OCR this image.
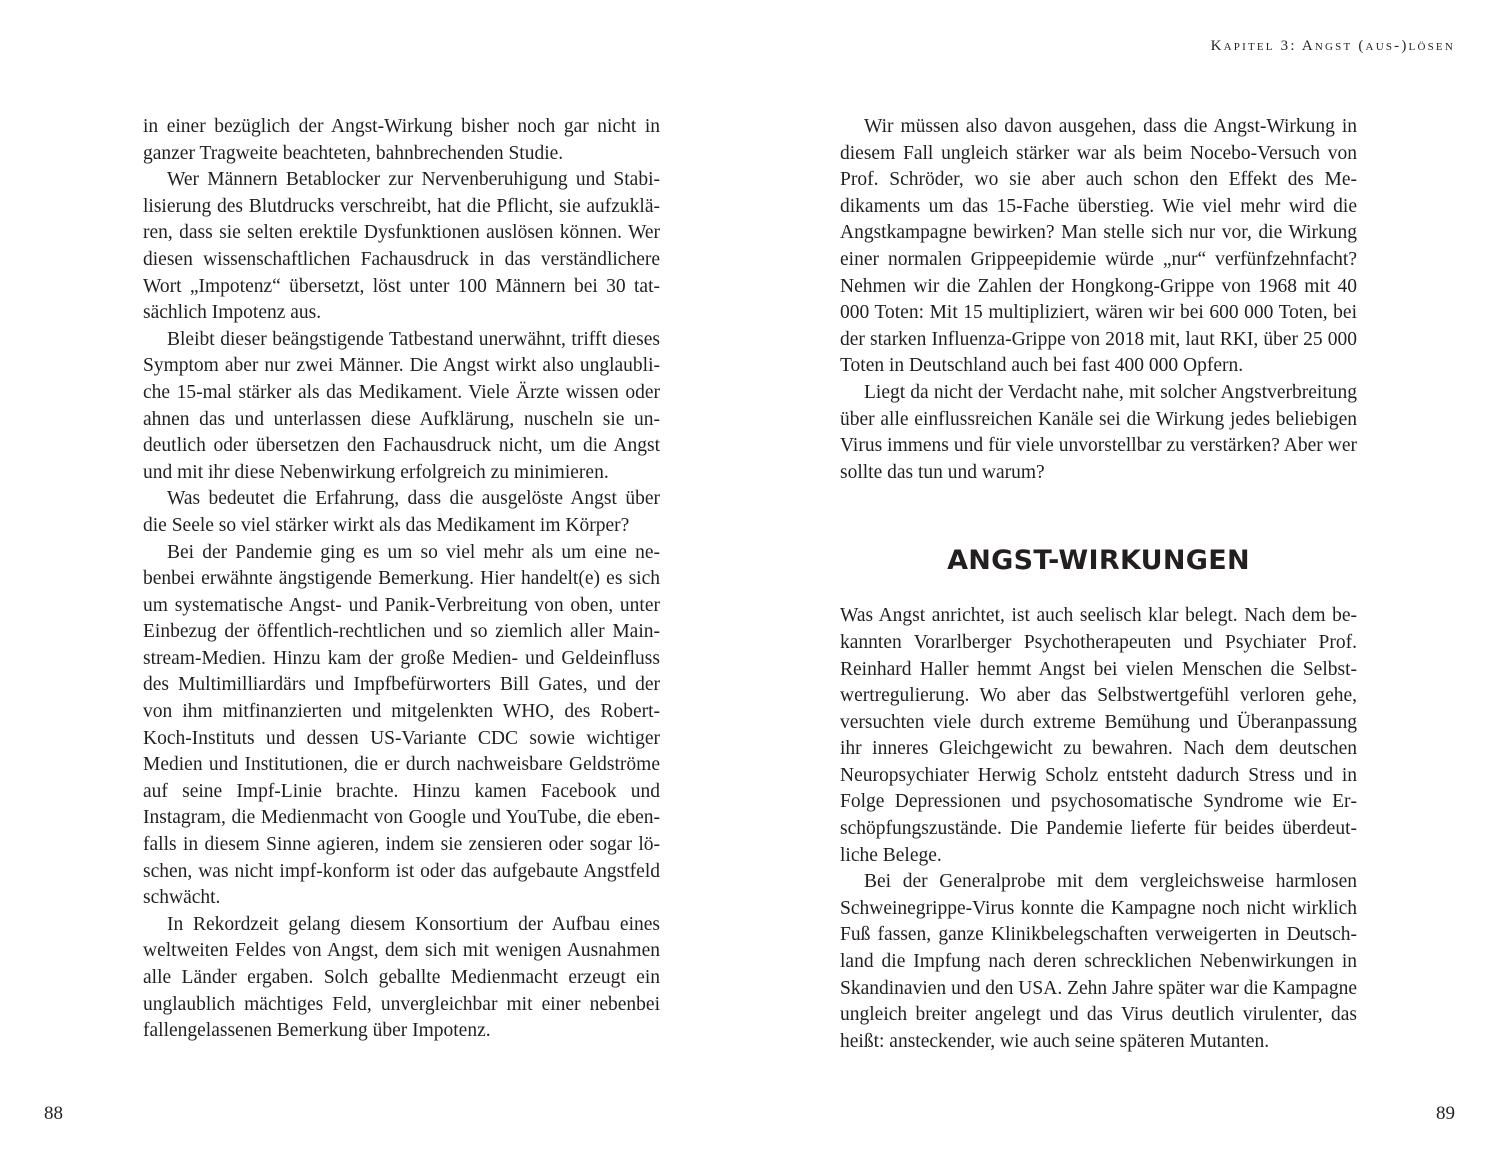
Kapitel 3: Angst (aus-)lösen

in einer bezüglich der Angst-Wirkung bisher noch gar nicht in ganzer Tragweite beachteten, bahnbrechenden Studie.

Wer Männern Betablocker zur Nervenberuhigung und Stabilisierung des Blutdrucks verschreibt, hat die Pflicht, sie aufzuklären, dass sie selten erektile Dysfunktionen auslösen können. Wer diesen wissenschaftlichen Fachausdruck in das verständlichere Wort „Impotenz“ übersetzt, löst unter 100 Männern bei 30 tatsächlich Impotenz aus.

Bleibt dieser beängstigende Tatbestand unerwähnt, trifft dieses Symptom aber nur zwei Männer. Die Angst wirkt also unglaubliche 15-mal stärker als das Medikament. Viele Ärzte wissen oder ahnen das und unterlassen diese Aufklärung, nuscheln sie undeutlich oder übersetzen den Fachausdruck nicht, um die Angst und mit ihr diese Nebenwirkung erfolgreich zu minimieren.

Was bedeutet die Erfahrung, dass die ausgelöste Angst über die Seele so viel stärker wirkt als das Medikament im Körper?

Bei der Pandemie ging es um so viel mehr als um eine nebenbei erwähnte ängstigende Bemerkung. Hier handelt(e) es sich um systematische Angst- und Panik-Verbreitung von oben, unter Einbezug der öffentlich-rechtlichen und so ziemlich aller Mainstream-Medien. Hinzu kam der große Medien- und Geldeinfluss des Multimilliardärs und Impfbefürworters Bill Gates, und der von ihm mitfinanzierten und mitgelenkten WHO, des Robert-Koch-Instituts und dessen US-Variante CDC sowie wichtiger Medien und Institutionen, die er durch nachweisbare Geldströme auf seine Impf-Linie brachte. Hinzu kamen Facebook und Instagram, die Medienmacht von Google und YouTube, die ebenfalls in diesem Sinne agieren, indem sie zensieren oder sogar löschen, was nicht impf-konform ist oder das aufgebaute Angstfeld schwächt.

In Rekordzeit gelang diesem Konsortium der Aufbau eines weltweiten Feldes von Angst, dem sich mit wenigen Ausnahmen alle Länder ergaben. Solch geballte Medienmacht erzeugt ein unglaublich mächtiges Feld, unvergleichbar mit einer nebenbei fallengelassenen Bemerkung über Impotenz.

Wir müssen also davon ausgehen, dass die Angst-Wirkung in diesem Fall ungleich stärker war als beim Nocebo-Versuch von Prof. Schröder, wo sie aber auch schon den Effekt des Medikaments um das 15-Fache überstieg. Wie viel mehr wird die Angstkampagne bewirken? Man stelle sich nur vor, die Wirkung einer normalen Grippeepidemie würde „nur“ verfünfzehnfacht? Nehmen wir die Zahlen der Hongkong-Grippe von 1968 mit 40 000 Toten: Mit 15 multipliziert, wären wir bei 600 000 Toten, bei der starken Influenza-Grippe von 2018 mit, laut RKI, über 25 000 Toten in Deutschland auch bei fast 400 000 Opfern.

Liegt da nicht der Verdacht nahe, mit solcher Angstverbreitung über alle einflussreichen Kanäle sei die Wirkung jedes beliebigen Virus immens und für viele unvorstellbar zu verstärken? Aber wer sollte das tun und warum?

ANGST-WIRKUNGEN

Was Angst anrichtet, ist auch seelisch klar belegt. Nach dem bekannten Vorarlberger Psychotherapeuten und Psychiater Prof. Reinhard Haller hemmt Angst bei vielen Menschen die Selbstwertregulierung. Wo aber das Selbstwertgefühl verloren gehe, versuchten viele durch extreme Bemühung und Überanpassung ihr inneres Gleichgewicht zu bewahren. Nach dem deutschen Neuropsychiater Herwig Scholz entsteht dadurch Stress und in Folge Depressionen und psychosomatische Syndrome wie Erschöpfungszustände. Die Pandemie lieferte für beides überdeutliche Belege.

Bei der Generalprobe mit dem vergleichsweise harmlosen Schweinegrippe-Virus konnte die Kampagne noch nicht wirklich Fuß fassen, ganze Klinikbelegschaften verweigerten in Deutschland die Impfung nach deren schrecklichen Nebenwirkungen in Skandinavien und den USA. Zehn Jahre später war die Kampagne ungleich breiter angelegt und das Virus deutlich virulenter, das heißt: ansteckender, wie auch seine späteren Mutanten.

88	89
